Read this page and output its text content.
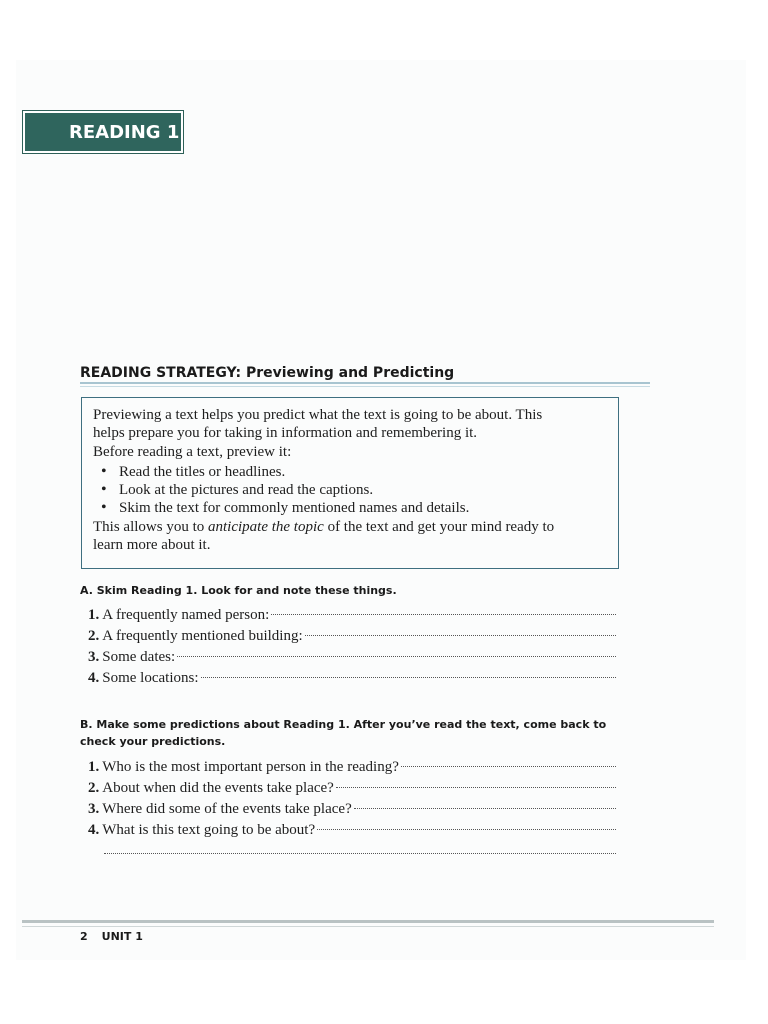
READING 1
READING STRATEGY: Previewing and Predicting

Previewing a text helps you predict what the text is going to be about. This

helps prepare you for taking in information and remembering it.

Before reading a text, preview it:

• Read the titles or headlines.
• Look at the pictures and read the captions.
• Skim the text for commonly mentioned names and details.

This allows you to anticipate the topic of the text and get your mind ready to

learn more about it.

A. Skim Reading 1. Look for and note these things.
1. A frequently named person:
2. A frequently mentioned building:
3. Some dates:
4. Some locations:
B. Make some predictions about Reading 1. After you’ve read the text, come back to check your predictions.
1. Who is the most important person in the reading?
2. About when did the events take place?
3. Where did some of the events take place?
4. What is this text going to be about?
2 UNIT 1
